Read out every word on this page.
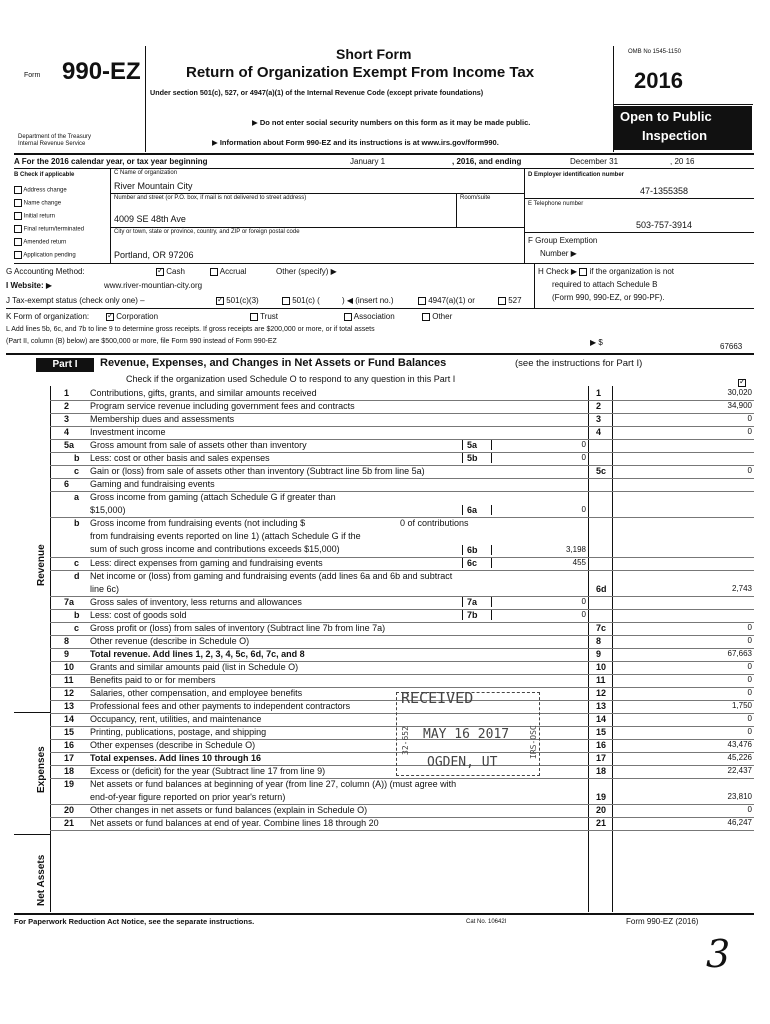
Form 990-EZ
Department of the Treasury
Internal Revenue Service
Short Form
Return of Organization Exempt From Income Tax
Under section 501(c), 527, or 4947(a)(1) of the Internal Revenue Code (except private foundations)
▶ Do not enter social security numbers on this form as it may be made public.
▶ Information about Form 990-EZ and its instructions is at www.irs.gov/form990.
OMB No 1545-1150
2016
Open to Public
Inspection
A For the 2016 calendar year, or tax year beginning	January 1	, 2016, and ending	December 31	, 20 16
B Check if applicable
Address change
Name change
Initial return
Final return/terminated
Amended return
Application pending
C Name of organization
River Mountain City
Number and street (or P.O. box, if mail is not delivered to street address)	Room/suite
4009 SE 48th Ave
City or town, state or province, country, and ZIP or foreign postal code
Portland, OR 97206
D Employer identification number
47-1355358
E Telephone number
503-757-3914
F Group Exemption
Number ▶
G Accounting Method: ✓	Cash	Accrual	Other (specify) ▶	H Check ▶ if the organization is not
required to attach Schedule B
(Form 990, 990-EZ, or 990-PF).
I Website: ▶	www.river-mountian-city.org
J Tax-exempt status (check only one) – ✓	501(c)(3)	501(c) (	) ◀ (insert no.)	4947(a)(1) or	527
K Form of organization: ✓	Corporation	Trust	Association	Other
L Add lines 5b, 6c, and 7b to line 9 to determine gross receipts. If gross receipts are $200,000 or more, or if total assets
(Part II, column (B) below) are $500,000 or more, file Form 990 instead of Form 990-EZ	▶ $	67663
Part I	Revenue, Expenses, and Changes in Net Assets or Fund Balances	(see the instructions for Part I)
Check if the organization used Schedule O to respond to any question in this Part I
✓
Revenue
Expenses
Net Assets
1 Contributions, gifts, grants, and similar amounts received	1	30,020
2 Program service revenue including government fees and contracts	2	34,900
3 Membership dues and assessments	3	0
4 Investment income	4	0
5a Gross amount from sale of assets other than inventory	5a	0
b Less: cost or other basis and sales expenses	5b	0
c Gain or (loss) from sale of assets other than inventory (Subtract line 5b from line 5a)	5c	0
6 Gaming and fundraising events
a Gross income from gaming (attach Schedule G if greater than
$15,000)	6a	0
b Gross income from fundraising events (not including $	0 of contributions
from fundraising events reported on line 1) (attach Schedule G if the
sum of such gross income and contributions exceeds $15,000)	6b	3,198
c Less: direct expenses from gaming and fundraising events	6c	455
d Net income or (loss) from gaming and fundraising events (add lines 6a and 6b and subtract
line 6c)	6d	2,743
7a Gross sales of inventory, less returns and allowances	7a	0
b Less: cost of goods sold	7b	0
c Gross profit or (loss) from sales of inventory (Subtract line 7b from line 7a)	7c	0
8 Other revenue (describe in Schedule O)	8	0
9 Total revenue. Add lines 1, 2, 3, 4, 5c, 6d, 7c, and 8	9	67,663
10 Grants and similar amounts paid (list in Schedule O)	10	0
11 Benefits paid to or for members	11	0
12 Salaries, other compensation, and employee benefits	12	0
13 Professional fees and other payments to independent contractors	13	1,750
14 Occupancy, rent, utilities, and maintenance	14	0
15 Printing, publications, postage, and shipping	15	0
16 Other expenses (describe in Schedule O)	16	43,476
17 Total expenses. Add lines 10 through 16	17	45,226
18 Excess or (deficit) for the year (Subtract line 17 from line 9)	18	22,437
19 Net assets or fund balances at beginning of year (from line 27, column (A)) (must agree with
end-of-year figure reported on prior year's return)	19	23,810
20 Other changes in net assets or fund balances (explain in Schedule O)	20	0
21 Net assets or fund balances at end of year. Combine lines 18 through 20	21	46,247
RECEIVED
MAY 16 2017
32-652	IRS-OSC
OGDEN, UT
For Paperwork Reduction Act Notice, see the separate instructions.	Cat No. 10642I	Form 990-EZ (2016)
3
